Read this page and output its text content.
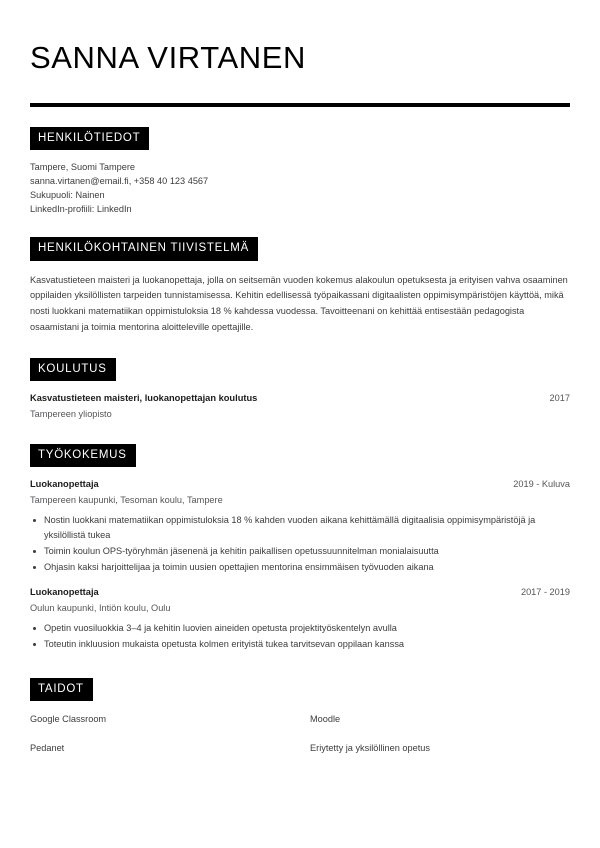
SANNA VIRTANEN
HENKILÖTIEDOT
Tampere, Suomi Tampere
sanna.virtanen@email.fi, +358 40 123 4567
Sukupuoli: Nainen
LinkedIn-profiili: LinkedIn
HENKILÖKOHTAINEN TIIVISTELMÄ

Kasvatustieteen maisteri ja luokanopettaja, jolla on seitsemän vuoden kokemus alakoulun opetuksesta ja erityisen vahva osaaminen oppilaiden yksilöllisten tarpeiden tunnistamisessa. Kehitin edellisessä työpaikassani digitaalisten oppimisympäristöjen käyttöä, mikä nosti luokkani matematiikan oppimistuloksia 18 % kahdessa vuodessa. Tavoitteenani on kehittää entisestään pedagogista osaamistani ja toimia mentorina aloitteleville opettajille.

KOULUTUS
Kasvatustieteen maisteri, luokanopettajan koulutus	2017
Tampereen yliopisto
TYÖKOKEMUS
Luokanopettaja	2019 - Kuluva
Tampereen kaupunki, Tesoman koulu, Tampere
Nostin luokkani matematiikan oppimistuloksia 18 % kahden vuoden aikana kehittämällä digitaalisia oppimisympäristöjä ja yksilöllistä tukea
Toimin koulun OPS-työryhmän jäsenenä ja kehitin paikallisen opetussuunnitelman monialaisuutta
Ohjasin kaksi harjoittelijaa ja toimin uusien opettajien mentorina ensimmäisen työvuoden aikana
Luokanopettaja	2017 - 2019
Oulun kaupunki, Intiön koulu, Oulu
Opetin vuosiluokkia 3–4 ja kehitin luovien aineiden opetusta projektityöskentelyn avulla
Toteutin inkluusion mukaista opetusta kolmen erityistä tukea tarvitsevan oppilaan kanssa
TAIDOT
Google Classroom	Moodle
Pedanet	Eriytetty ja yksilöllinen opetus
